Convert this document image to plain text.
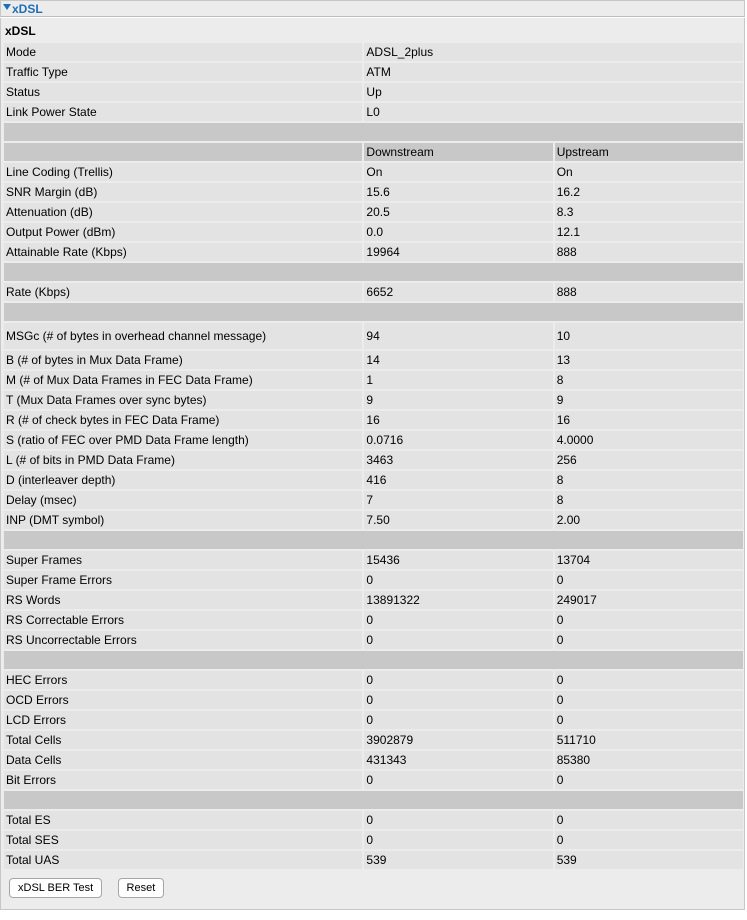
xDSL
xDSL
Mode	ADSL_2plus	
Traffic Type	ATM	
Status	Up	
Link Power State	L0	

	Downstream	Upstream
Line Coding (Trellis)	On	On
SNR Margin (dB)	15.6	16.2
Attenuation (dB)	20.5	8.3
Output Power (dBm)	0.0	12.1
Attainable Rate (Kbps)	19964	888

Rate (Kbps)	6652	888

MSGc (# of bytes in overhead channel message)	94	10
B (# of bytes in Mux Data Frame)	14	13
M (# of Mux Data Frames in FEC Data Frame)	1	8
T (Mux Data Frames over sync bytes)	9	9
R (# of check bytes in FEC Data Frame)	16	16
S (ratio of FEC over PMD Data Frame length)	0.0716	4.0000
L (# of bits in PMD Data Frame)	3463	256
D (interleaver depth)	416	8
Delay (msec)	7	8
INP (DMT symbol)	7.50	2.00

Super Frames	15436	13704
Super Frame Errors	0	0
RS Words	13891322	249017
RS Correctable Errors	0	0
RS Uncorrectable Errors	0	0

HEC Errors	0	0
OCD Errors	0	0
LCD Errors	0	0
Total Cells	3902879	511710
Data Cells	431343	85380
Bit Errors	0	0

Total ES	0	0
Total SES	0	0
Total UAS	539	539
xDSL BER Test	Reset
